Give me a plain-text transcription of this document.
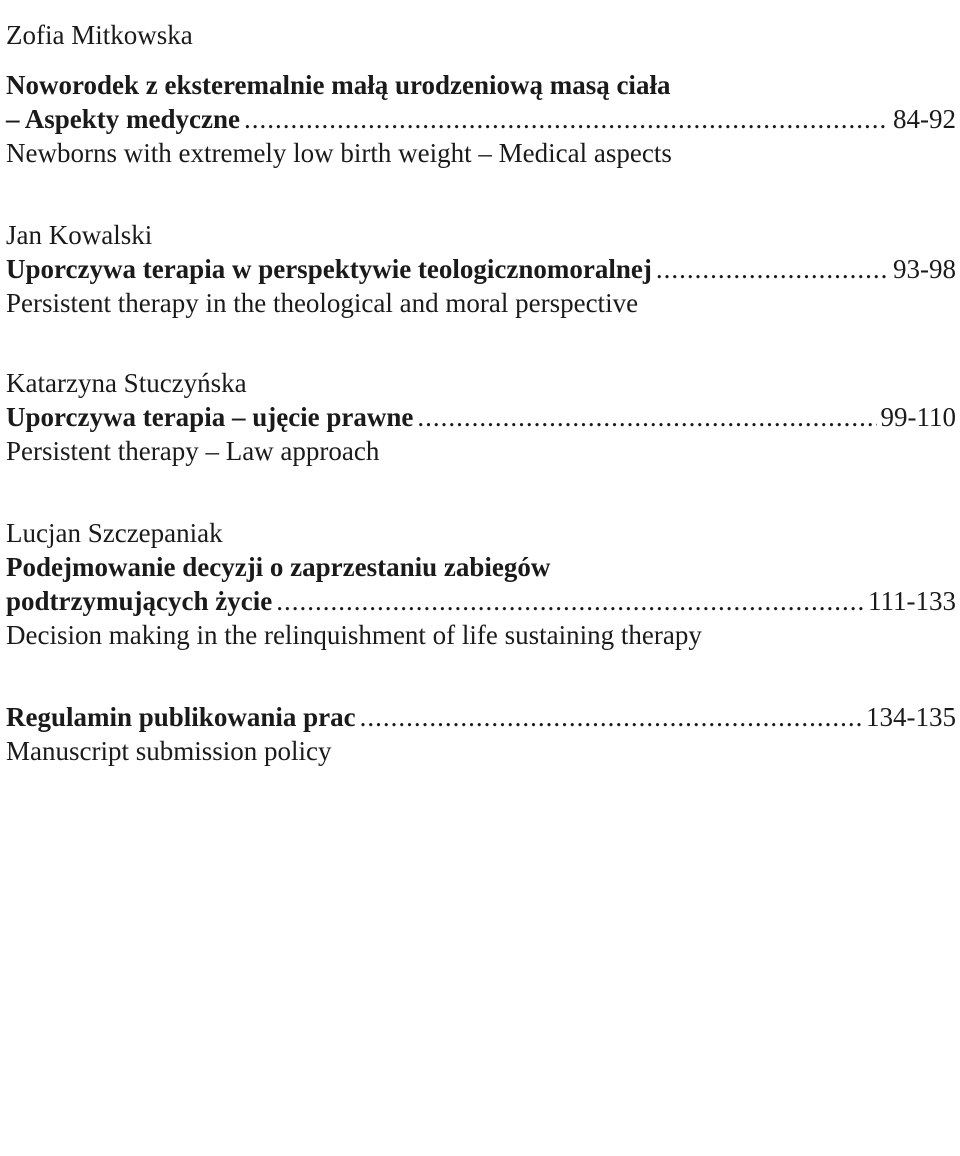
Zofia Mitkowska
Noworodek z eksteremalnie małą urodzeniową masą ciała
– Aspekty medyczne .....	84-92
Newborns with extremely low birth weight – Medical aspects
Jan Kowalski
Uporczywa terapia w perspektywie teologicznomoralnej .....	93-98
Persistent therapy in the theological and moral perspective
Katarzyna Stuczyńska
Uporczywa terapia – ujęcie prawne .....	99-110
Persistent therapy – Law approach
Lucjan Szczepaniak
Podejmowanie decyzji o zaprzestaniu zabiegów
podtrzymujących życie .....	111-133
Decision making in the relinquishment of life sustaining therapy
Regulamin publikowania prac .....	134-135
Manuscript submission policy
